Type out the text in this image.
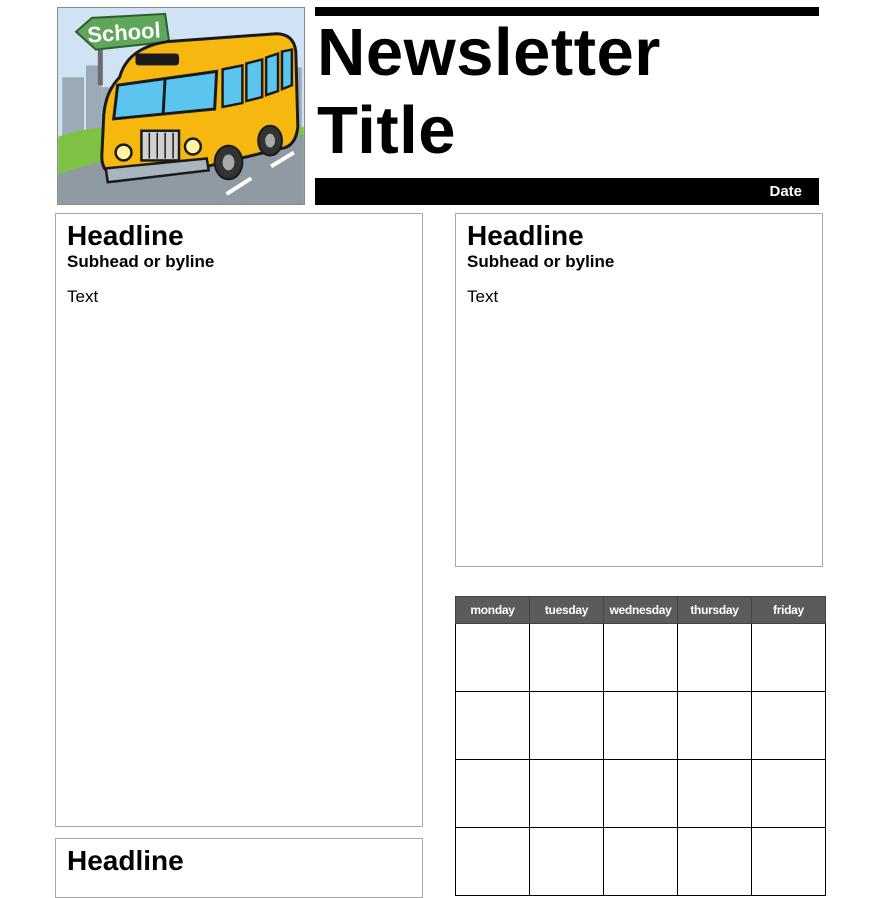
School Newsletter
Title
Date

Headline

Subhead or byline

Text

Headline

Subhead or byline

Text

Headline

monday	tuesday	wednesday	thursday	friday
